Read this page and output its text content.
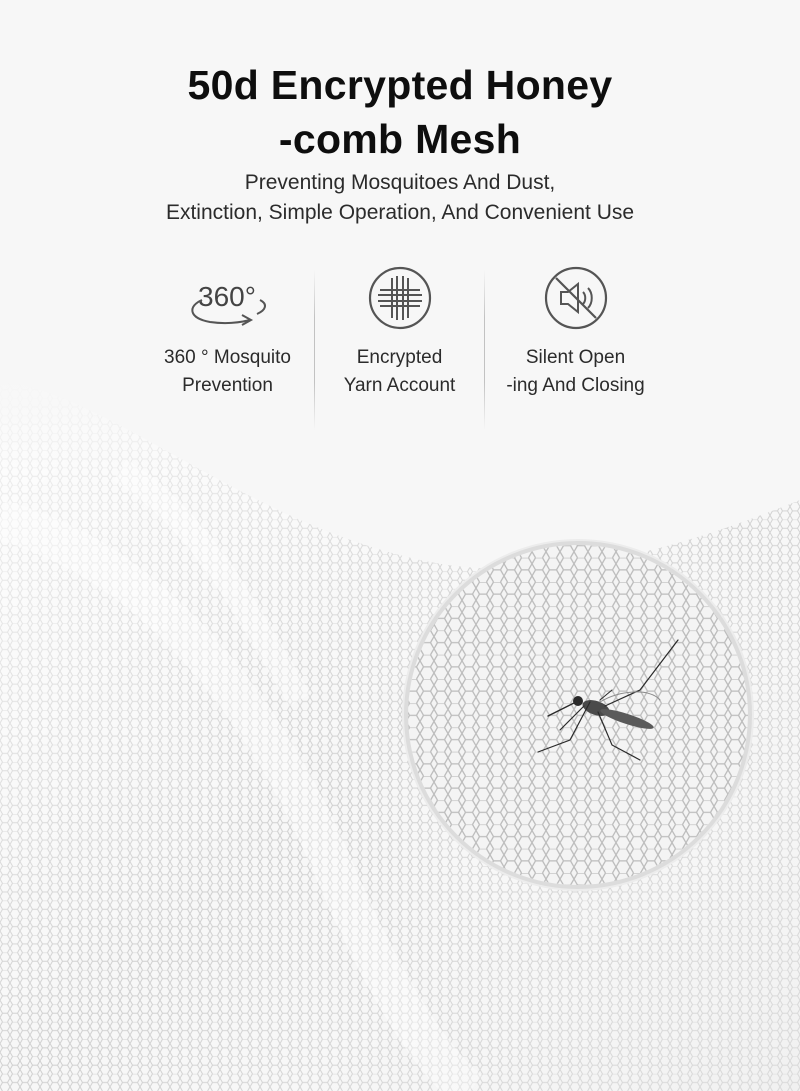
50d Encrypted Honey
-comb Mesh
Preventing Mosquitoes And Dust,
Extinction, Simple Operation, And Convenient Use
360°
360 ° Mosquito
Prevention
Encrypted
Yarn Account
Silent Open
-ing And Closing
